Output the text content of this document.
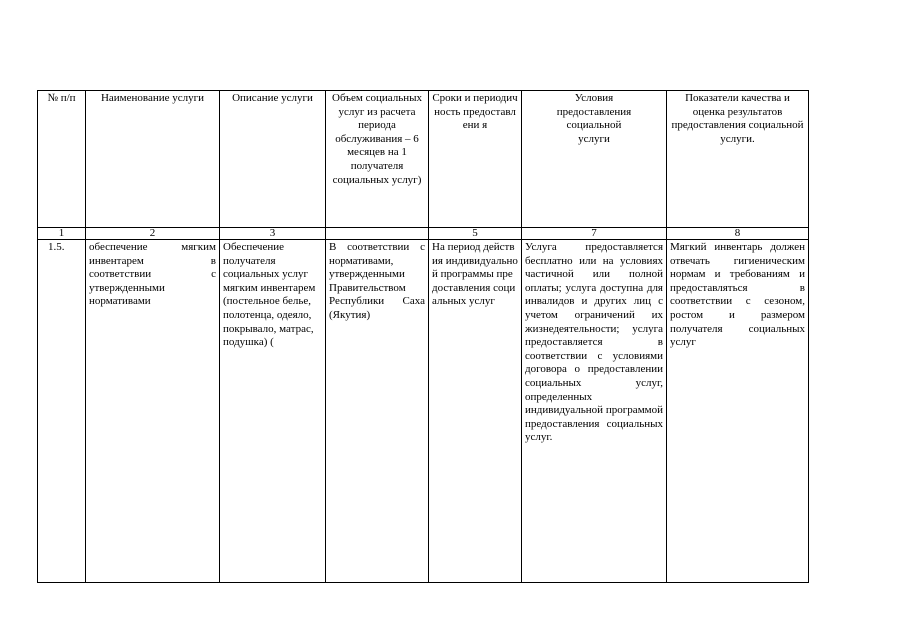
№ п/п	Наименование услуги	Описание услуги	Объем социальных услуг из расчета периода обслуживания – 6 месяцев на 1 получателя социальных услуг)	Сроки и периодичность предоставлени я	Условия предоставления социальной услуги	Показатели качества и оценка результатов предоставления социальной услуги.
1	2	3		5	7	8
1.5.	обеспечение мягким инвентарем в соответствии с утвержденными нормативами	Обеспечение получателя социальных услуг мягким инвентарем (постельное белье, полотенца, одеяло, покрывало, матрас, подушка) (	В соответствии с нормативами, утвержденными Правительством Республики Саха (Якутия)	На период действия индивидуальной программы предоставления социальных услуг	Услуга предоставляется бесплатно или на условиях частичной или полной оплаты; услуга доступна для инвалидов и других лиц с учетом ограничений их жизнедеятельности; услуга предоставляется в соответствии с условиями договора о предоставлении социальных услуг, определенных индивидуальной программой предоставления социальных услуг.	Мягкий инвентарь должен отвечать гигиеническим нормам и требованиям и предоставляться в соответствии с сезоном, ростом и размером получателя социальных услуг
